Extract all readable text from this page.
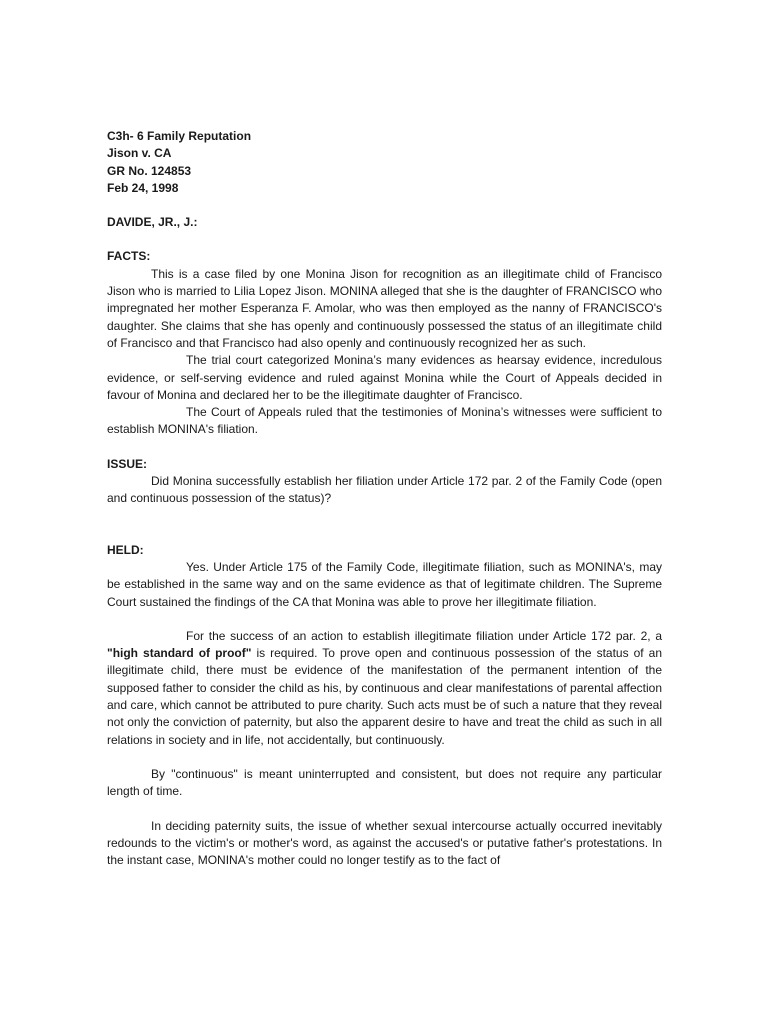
C3h- 6 Family Reputation
Jison v. CA
GR No. 124853
Feb 24, 1998
DAVIDE, JR., J.:
FACTS:
This is a case filed by one Monina Jison for recognition as an illegitimate child of Francisco Jison who is married to Lilia Lopez Jison. MONINA alleged that she is the daughter of FRANCISCO who impregnated her mother Esperanza F. Amolar, who was then employed as the nanny of FRANCISCO's daughter. She claims that she has openly and continuously possessed the status of an illegitimate child of Francisco and that Francisco had also openly and continuously recognized her as such.
The trial court categorized Monina’s many evidences as hearsay evidence, incredulous evidence, or self-serving evidence and ruled against Monina while the Court of Appeals decided in favour of Monina and declared her to be the illegitimate daughter of Francisco.
The Court of Appeals ruled that the testimonies of Monina’s witnesses were sufficient to establish MONINA's filiation.
ISSUE:
Did Monina successfully establish her filiation under Article 172 par. 2 of the Family Code (open and continuous possession of the status)?
HELD:
Yes. Under Article 175 of the Family Code, illegitimate filiation, such as MONINA's, may be established in the same way and on the same evidence as that of legitimate children. The Supreme Court sustained the findings of the CA that Monina was able to prove her illegitimate filiation.
For the success of an action to establish illegitimate filiation under Article 172 par. 2, a "high standard of proof" is required. To prove open and continuous possession of the status of an illegitimate child, there must be evidence of the manifestation of the permanent intention of the supposed father to consider the child as his, by continuous and clear manifestations of parental affection and care, which cannot be attributed to pure charity. Such acts must be of such a nature that they reveal not only the conviction of paternity, but also the apparent desire to have and treat the child as such in all relations in society and in life, not accidentally, but continuously.
By "continuous" is meant uninterrupted and consistent, but does not require any particular length of time.
In deciding paternity suits, the issue of whether sexual intercourse actually occurred inevitably redounds to the victim's or mother's word, as against the accused's or putative father's protestations. In the instant case, MONINA's mother could no longer testify as to the fact of
